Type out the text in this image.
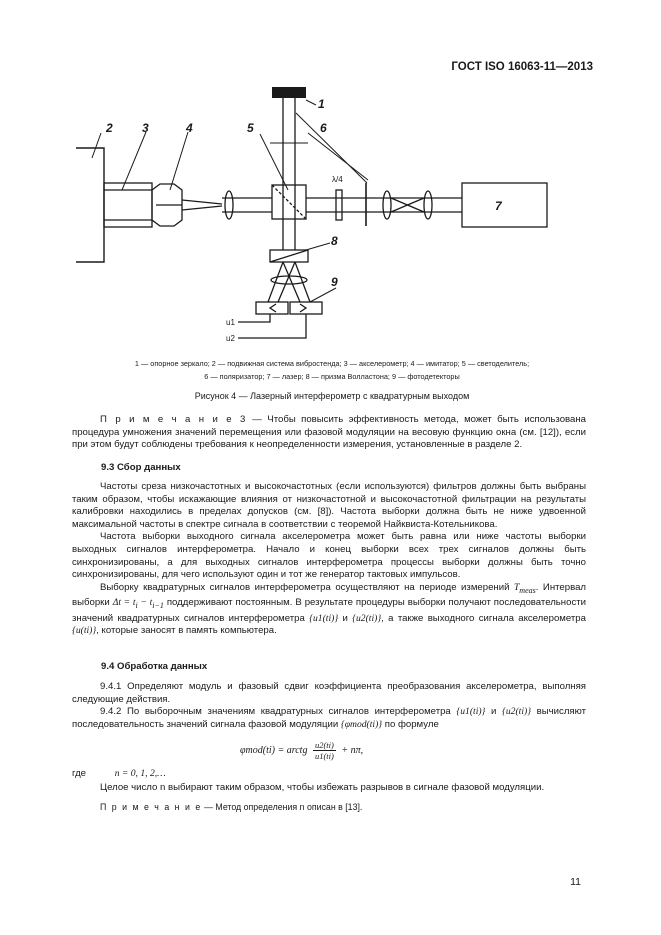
ГОСТ ISO 16063-11—2013
1
2 3	4	5	6
7
8
9
λ/4
u1
u2
1 — опорное зеркало; 2 — подвижная система вибростенда; 3 — акселерометр; 4 — имитатор; 5 — светоделитель;
6 — поляризатор; 7 — лазер; 8 — призма Волластона; 9 — фотодетекторы
Рисунок 4 — Лазерный интерферометр с квадратурным выходом

П р и м е ч а н и е 3 — Чтобы повысить эффективность метода, может быть использована процедура умножения значений перемещения или фазовой модуляции на весовую функцию окна (см. [12]), если при этом будут соблюдены требования к неопределенности измерения, установленные в разделе 2.

9.3 Сбор данных

Частоты среза низкочастотных и высокочастотных (если используются) фильтров должны быть выбраны таким образом, чтобы искажающие влияния от низкочастотной и высокочастотной фильтрации на результаты калибровки находились в пределах допусков (см. [8]). Частота выборки должна быть не ниже удвоенной максимальной частоты в спектре сигнала в соответствии с теоремой Найквиста-Котельникова.

Частота выборки выходного сигнала акселерометра может быть равна или ниже частоты выборки выходных сигналов интерферометра. Начало и конец выборки всех трех сигналов должны быть синхронизированы, а для выходных сигналов интерферометра процессы выборки должны быть точно синхронизированы, для чего используют один и тот же генератор тактовых импульсов.

Выборку квадратурных сигналов интерферометра осуществляют на периоде измерений $T_{meas}$. Интервал выборки $\Delta t = t_i - t_{i-1}$ поддерживают постоянным. В результате процедуры выборки получают последовательности значений квадратурных сигналов интерферометра {u1(ti)} и {u2(ti)}, а также выходного сигнала акселерометра {u(ti)}, которые заносят в память компьютера.

9.4 Обработка данных

9.4.1 Определяют модуль и фазовый сдвиг коэффициента преобразования акселерометра, выполняя следующие действия.

9.4.2 По выборочным значениям квадратурных сигналов интерферометра {u1(ti)} и {u2(ti)} вычисляют последовательность значений сигнала фазовой модуляции {φmod(ti)} по формуле

φmod(ti) = arctg $\frac{u2(ti)}{u1(ti)} + n\pi$,
где	n = 0, 1, 2,…

Целое число n выбирают таким образом, чтобы избежать разрывов в сигнале фазовой модуляции.

П р и м е ч а н и е — Метод определения n описан в [13].

11
